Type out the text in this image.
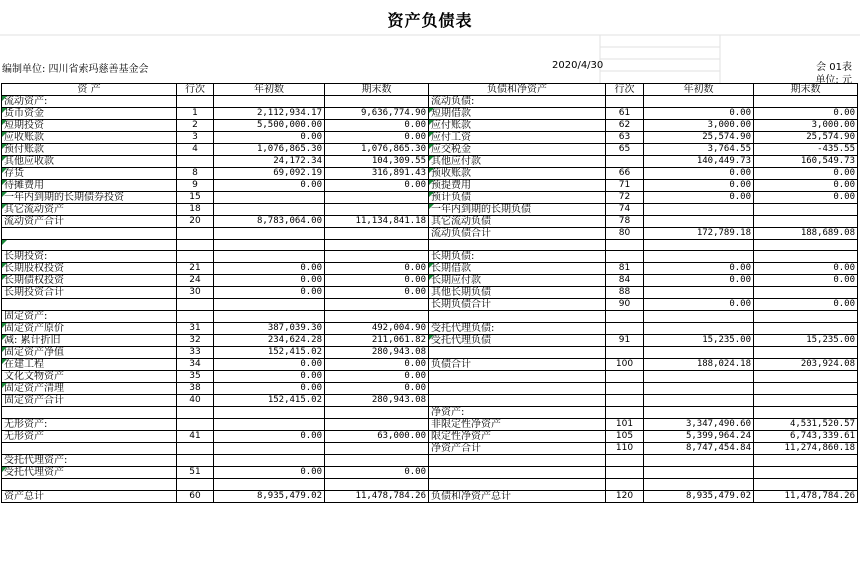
资产负债表
编制单位: 四川省索玛慈善基金会	2020/4/30	会 01表
单位: 元
资 产	行次	年初数	期末数	负债和净资产	行次	年初数	期末数
流动资产:				流动负债:			
货币资金	1	2,112,934.17	9,636,774.90	短期借款	61	0.00	0.00
短期投资	2	5,500,000.00	0.00	应付账款	62	3,000.00	3,000.00
应收账款	3	0.00	0.00	应付工资	63	25,574.90	25,574.90
预付账款	4	1,076,865.30	1,076,865.30	应交税金	65	3,764.55	-435.55
其他应收款		24,172.34	104,309.55	其他应付款		140,449.73	160,549.73
存货	8	69,092.19	316,891.43	预收账款	66	0.00	0.00
待摊费用	9	0.00	0.00	预提费用	71	0.00	0.00
一年内到期的长期债券投资	15			预计负债	72	0.00	0.00
其它流动资产	18			一年内到期的长期负债	74		
流动资产合计	20	8,783,064.00	11,134,841.18	其它流动负债	78		
				流动负债合计	80	172,789.18	188,689.08

长期投资:				长期负债:			
长期股权投资	21	0.00	0.00	长期借款	81	0.00	0.00
长期债权投资	24	0.00	0.00	长期应付款	84	0.00	0.00
长期投资合计	30	0.00	0.00	其他长期负债	88		
				长期负债合计	90	0.00	0.00
固定资产:							
固定资产原价	31	387,039.30	492,004.90	受托代理负债:			
减: 累计折旧	32	234,624.28	211,061.82	受托代理负债	91	15,235.00	15,235.00
固定资产净值	33	152,415.02	280,943.08				
在建工程	34	0.00	0.00	负债合计	100	188,024.18	203,924.08
文化文物资产	35	0.00	0.00				
固定资产清理	38	0.00	0.00				
固定资产合计	40	152,415.02	280,943.08				
				净资产:			
无形资产:				非限定性净资产	101	3,347,490.60	4,531,520.57
无形资产	41	0.00	63,000.00	限定性净资产	105	5,399,964.24	6,743,339.61
				净资产合计	110	8,747,454.84	11,274,860.18
受托代理资产:							
受托代理资产	51	0.00	0.00				

资产总计	60	8,935,479.02	11,478,784.26	负债和净资产总计	120	8,935,479.02	11,478,784.26
